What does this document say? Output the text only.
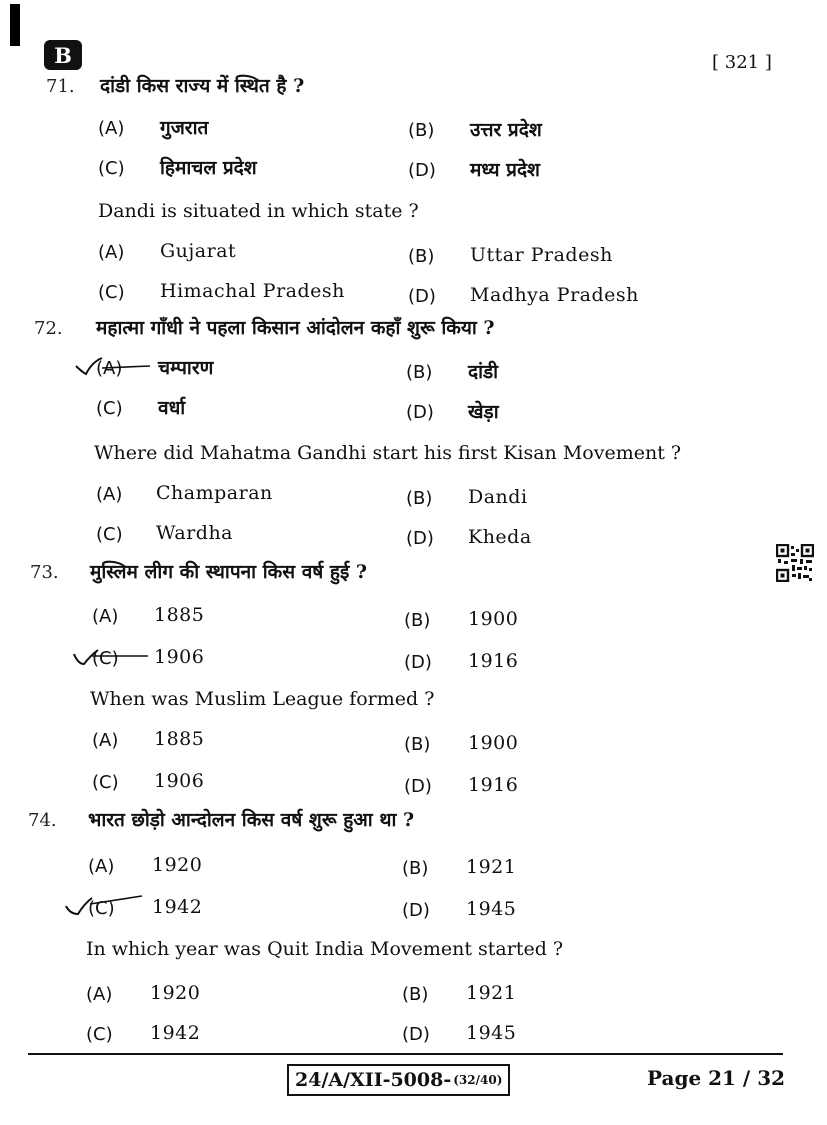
B	[ 321 ]
71. दांडी किस राज्य में स्थित है ?
(A) गुजरात	(B) उत्तर प्रदेश
(C) हिमाचल प्रदेश	(D) मध्य प्रदेश
Dandi is situated in which state ?
(A) Gujarat	(B) Uttar Pradesh
(C) Himachal Pradesh	(D) Madhya Pradesh
72. महात्मा गाँधी ने पहला किसान आंदोलन कहाँ शुरू किया ?
(A) चम्पारण	(B) दांडी
(C) वर्धा	(D) खेड़ा
Where did Mahatma Gandhi start his first Kisan Movement ?
(A) Champaran	(B) Dandi
(C) Wardha	(D) Kheda
73. मुस्लिम लीग की स्थापना किस वर्ष हुई ?
(A) 1885	(B) 1900
(C) 1906	(D) 1916
When was Muslim League formed ?
(A) 1885	(B) 1900
(C) 1906	(D) 1916
74. भारत छोड़ो आन्दोलन किस वर्ष शुरू हुआ था ?
(A) 1920	(B) 1921
(C) 1942	(D) 1945
In which year was Quit India Movement started ?
(A) 1920	(B) 1921
(C) 1942	(D) 1945
24/A/XII-5008- (32/40)	Page 21 / 32
